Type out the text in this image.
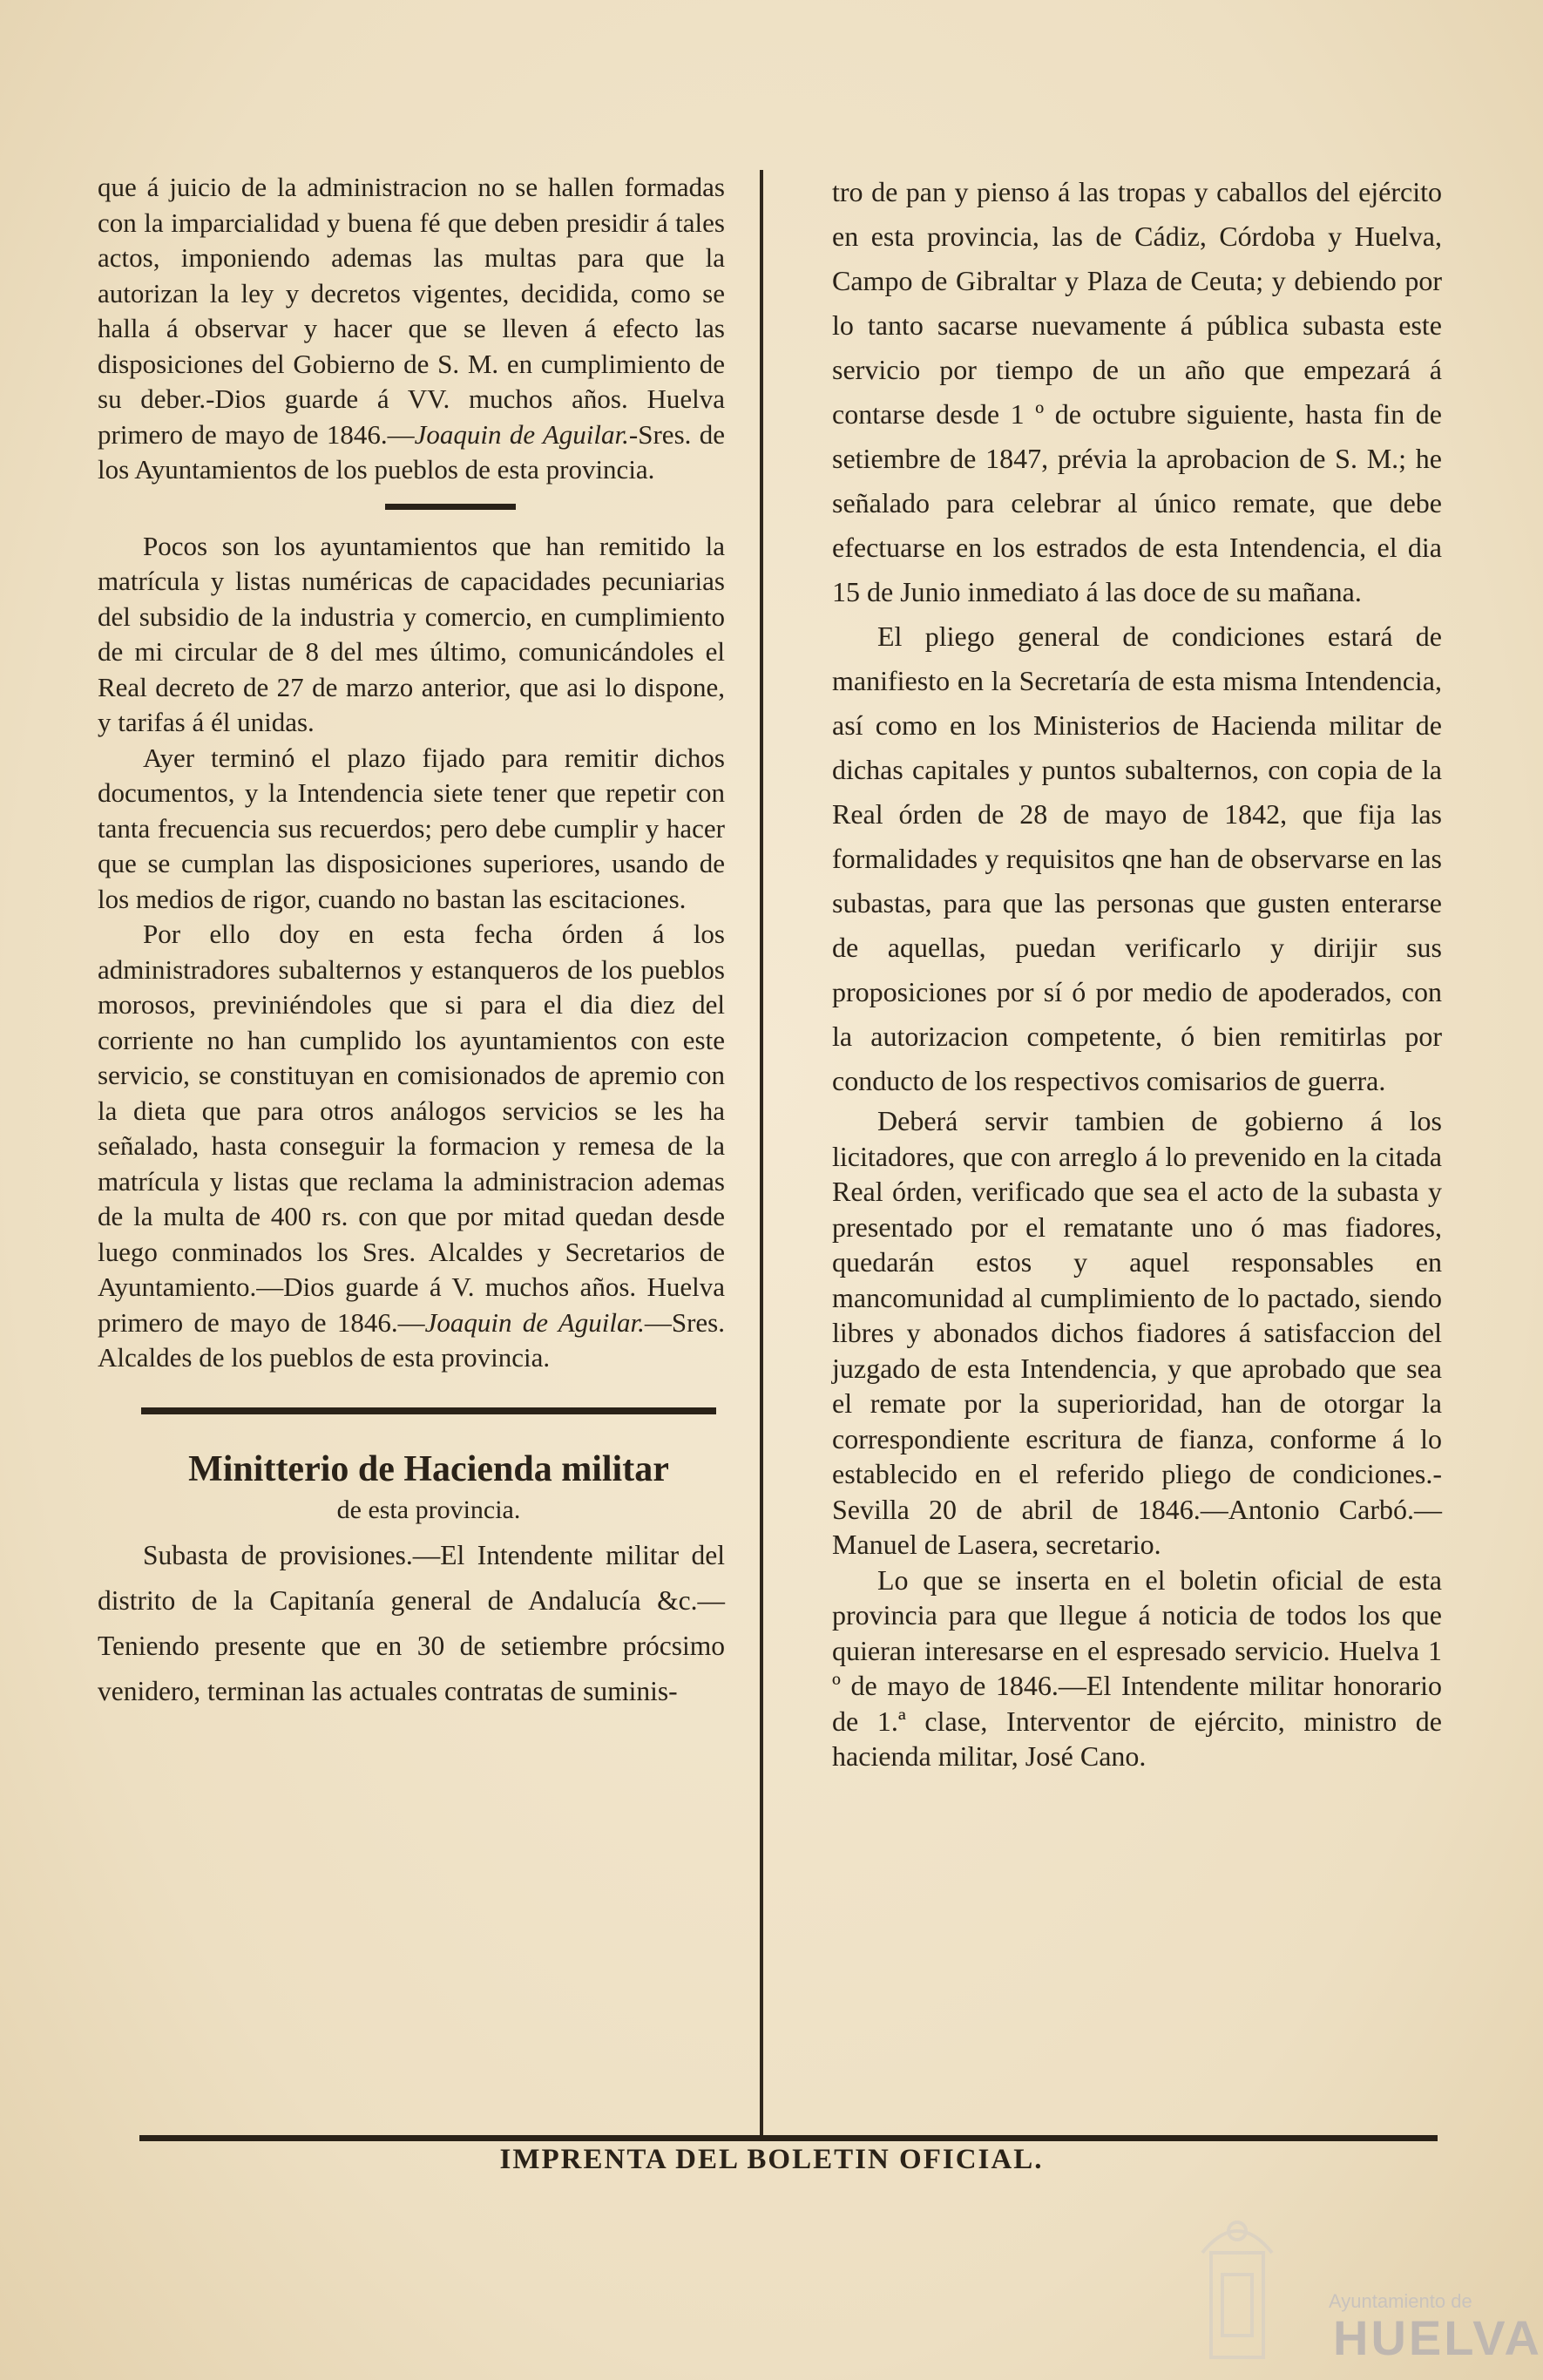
que á juicio de la administracion no se hallen formadas con la imparcialidad y buena fé que deben presidir á tales actos, imponiendo ademas las multas para que la autorizan la ley y decretos vigentes, decidida, como se halla á observar y hacer que se lleven á efecto las disposiciones del Gobierno de S. M. en cumplimiento de su deber.-Dios guarde á VV. muchos años. Huelva primero de mayo de 1846.—Joaquin de Aguilar.-Sres. de los Ayuntamientos de los pueblos de esta provincia.

Pocos son los ayuntamientos que han remitido la matrícula y listas numéricas de capacidades pecuniarias del subsidio de la industria y comercio, en cumplimiento de mi circular de 8 del mes último, comunicándoles el Real decreto de 27 de marzo anterior, que asi lo dispone, y tarifas á él unidas.

Ayer terminó el plazo fijado para remitir dichos documentos, y la Intendencia siete tener que repetir con tanta frecuencia sus recuerdos; pero debe cumplir y hacer que se cumplan las disposiciones superiores, usando de los medios de rigor, cuando no bastan las escitaciones.

Por ello doy en esta fecha órden á los administradores subalternos y estanqueros de los pueblos morosos, previniéndoles que si para el dia diez del corriente no han cumplido los ayuntamientos con este servicio, se constituyan en comisionados de apremio con la dieta que para otros análogos servicios se les ha señalado, hasta conseguir la formacion y remesa de la matrícula y listas que reclama la administracion ademas de la multa de 400 rs. con que por mitad quedan desde luego conminados los Sres. Alcaldes y Secretarios de Ayuntamiento.—Dios guarde á V. muchos años. Huelva primero de mayo de 1846.—Joaquin de Aguilar.—Sres. Alcaldes de los pueblos de esta provincia.

Minitterio de Hacienda militar
de esta provincia.

Subasta de provisiones.—El Intendente militar del distrito de la Capitanía general de Andalucía &c.—Teniendo presente que en 30 de setiembre prócsimo venidero, terminan las actuales contratas de suminis-

tro de pan y pienso á las tropas y caballos del ejército en esta provincia, las de Cádiz, Córdoba y Huelva, Campo de Gibraltar y Plaza de Ceuta; y debiendo por lo tanto sacarse nuevamente á pública subasta este servicio por tiempo de un año que empezará á contarse desde 1 º de octubre siguiente, hasta fin de setiembre de 1847, prévia la aprobacion de S. M.; he señalado para celebrar al único remate, que debe efectuarse en los estrados de esta Intendencia, el dia 15 de Junio inmediato á las doce de su mañana.

El pliego general de condiciones estará de manifiesto en la Secretaría de esta misma Intendencia, así como en los Ministerios de Hacienda militar de dichas capitales y puntos subalternos, con copia de la Real órden de 28 de mayo de 1842, que fija las formalidades y requisitos qne han de observarse en las subastas, para que las personas que gusten enterarse de aquellas, puedan verificarlo y dirijir sus proposiciones por sí ó por medio de apoderados, con la autorizacion competente, ó bien remitirlas por conducto de los respectivos comisarios de guerra.

Deberá servir tambien de gobierno á los licitadores, que con arreglo á lo prevenido en la citada Real órden, verificado que sea el acto de la subasta y presentado por el rematante uno ó mas fiadores, quedarán estos y aquel responsables en mancomunidad al cumplimiento de lo pactado, siendo libres y abonados dichos fiadores á satisfaccion del juzgado de esta Intendencia, y que aprobado que sea el remate por la superioridad, han de otorgar la correspondiente escritura de fianza, conforme á lo establecido en el referido pliego de condiciones.-Sevilla 20 de abril de 1846.—Antonio Carbó.—Manuel de Lasera, secretario.

Lo que se inserta en el boletin oficial de esta provincia para que llegue á noticia de todos los que quieran interesarse en el espresado servicio. Huelva 1 º de mayo de 1846.—El Intendente militar honorario de 1.ª clase, Interventor de ejército, ministro de hacienda militar, José Cano.

IMPRENTA DEL BOLETIN OFICIAL.
Ayuntamiento de
HUELVA
